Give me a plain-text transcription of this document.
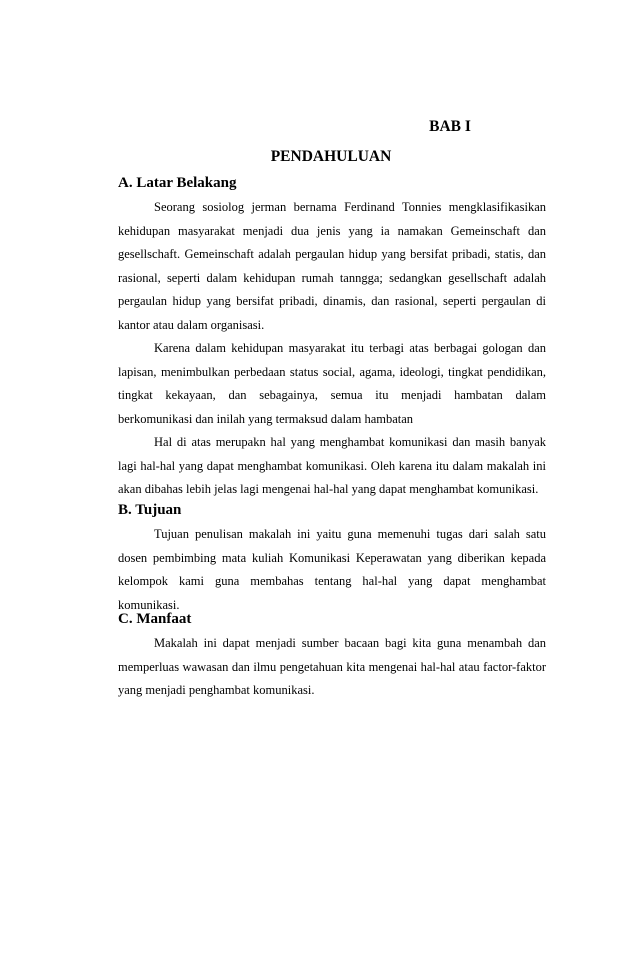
BAB I
PENDAHULUAN
A. Latar Belakang

Seorang sosiolog jerman bernama Ferdinand Tonnies mengklasifikasikan kehidupan masyarakat menjadi dua jenis yang ia namakan Gemeinschaft dan gesellschaft. Gemeinschaft adalah pergaulan hidup yang bersifat pribadi, statis, dan rasional, seperti dalam kehidupan rumah tanngga; sedangkan gesellschaft adalah pergaulan hidup yang bersifat pribadi, dinamis, dan rasional, seperti pergaulan di kantor atau dalam organisasi.

Karena dalam kehidupan masyarakat itu terbagi atas berbagai gologan dan lapisan, menimbulkan perbedaan status social, agama, ideologi, tingkat pendidikan, tingkat kekayaan, dan sebagainya, semua itu menjadi hambatan dalam berkomunikasi dan inilah yang termaksud dalam hambatan

Hal di atas merupakn hal yang menghambat komunikasi dan masih banyak lagi hal-hal yang dapat menghambat komunikasi. Oleh karena itu dalam makalah ini akan dibahas lebih jelas lagi mengenai hal-hal yang dapat menghambat komunikasi.

B. Tujuan

Tujuan penulisan makalah ini yaitu guna memenuhi tugas dari salah satu dosen pembimbing mata kuliah Komunikasi Keperawatan yang diberikan kepada kelompok kami guna membahas tentang hal-hal yang dapat menghambat komunikasi.

C. Manfaat

Makalah ini dapat menjadi sumber bacaan bagi kita guna menambah dan memperluas wawasan dan ilmu pengetahuan kita mengenai hal-hal atau factor-faktor yang menjadi penghambat komunikasi.
